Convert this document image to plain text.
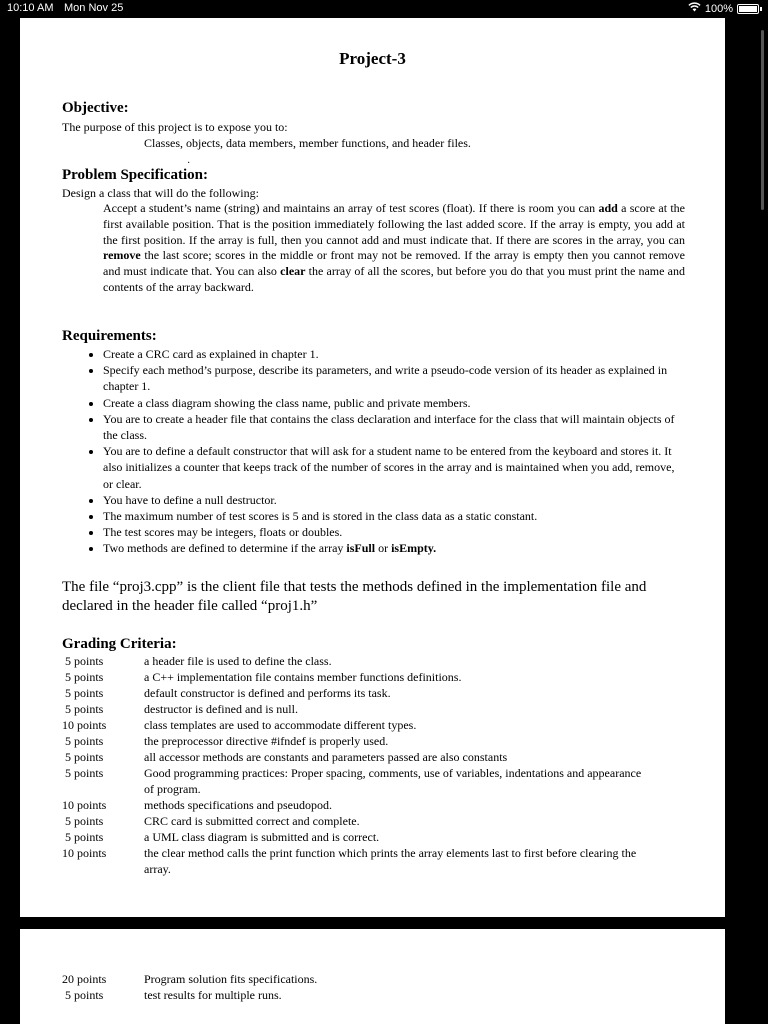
10:10 AM Mon Nov 25	100%
Project-3
Objective:
The purpose of this project is to expose you to:
Classes, objects, data members, member functions, and header files.
·
Problem Specification:
Design a class that will do the following:
Accept a student’s name (string) and maintains an array of test scores (float). If there is room you can add a score at the first available position. That is the position immediately following the last added score. If the array is empty, you add at the first position. If the array is full, then you cannot add and must indicate that. If there are scores in the array, you can remove the last score; scores in the middle or front may not be removed. If the array is empty then you cannot remove and must indicate that. You can also clear the array of all the scores, but before you do that you must print the name and contents of the array backward.
Requirements:
• Create a CRC card as explained in chapter 1.
• Specify each method’s purpose, describe its parameters, and write a pseudo-code version of its header as explained in chapter 1.
• Create a class diagram showing the class name, public and private members.
• You are to create a header file that contains the class declaration and interface for the class that will maintain objects of the class.
• You are to define a default constructor that will ask for a student name to be entered from the keyboard and stores it. It also initializes a counter that keeps track of the number of scores in the array and is maintained when you add, remove, or clear.
• You have to define a null destructor.
• The maximum number of test scores is 5 and is stored in the class data as a static constant.
• The test scores may be integers, floats or doubles.
• Two methods are defined to determine if the array isFull or isEmpty.
The file “proj3.cpp” is the client file that tests the methods defined in the implementation file and declared in the header file called “proj1.h”
Grading Criteria:
5 points	a header file is used to define the class.
5 points	a C++ implementation file contains member functions definitions.
5 points	default constructor is defined and performs its task.
5 points	destructor is defined and is null.
10 points	class templates are used to accommodate different types.
5 points	the preprocessor directive #ifndef is properly used.
5 points	all accessor methods are constants and parameters passed are also constants
5 points	Good programming practices: Proper spacing, comments, use of variables, indentations and appearance of program.
10 points	methods specifications and pseudopod.
5 points	CRC card is submitted correct and complete.
5 points	a UML class diagram is submitted and is correct.
10 points	the clear method calls the print function which prints the array elements last to first before clearing the array.
20 points	Program solution fits specifications.
5 points	test results for multiple runs.
